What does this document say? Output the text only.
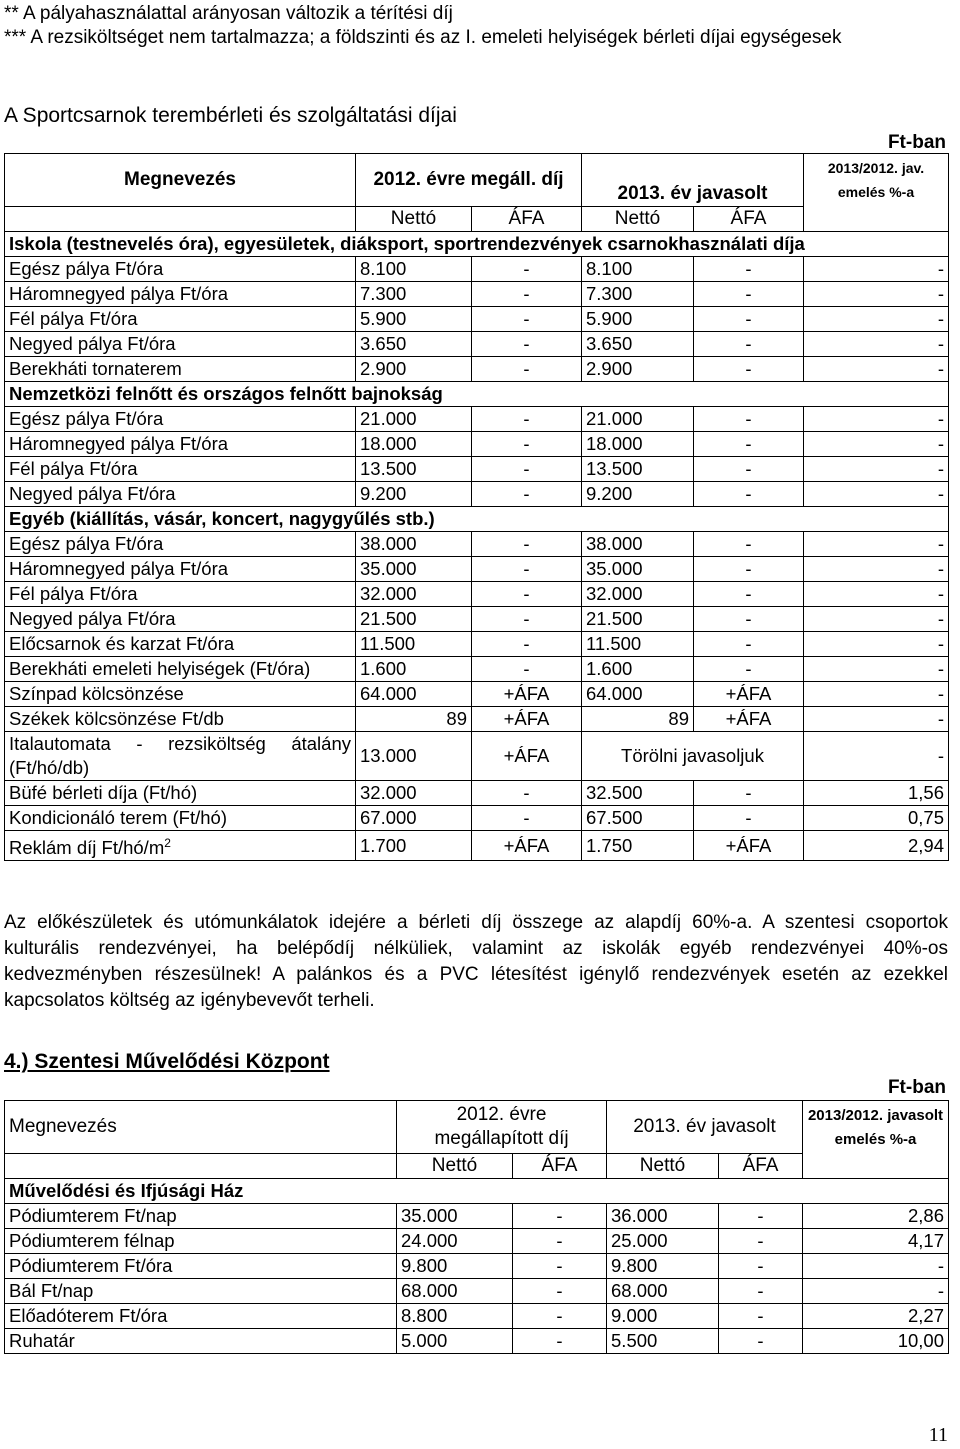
** A pályahasználattal arányosan változik a térítési díj
*** A rezsiköltséget nem tartalmazza; a földszinti és az I. emeleti helyiségek bérleti díjai egységesek
A Sportcsarnok terembérleti és szolgáltatási díjai
Ft-ban
Megnevezés	2012. évre megáll. díj		2013. év javasolt		2013/2012. jav. emelés %-a

	Nettó	ÁFA	Nettó	ÁFA	
Iskola (testnevelés óra), egyesületek, diáksport, sportrendezvények csarnokhasználati díja					
Egész pálya Ft/óra	8.100	-	8.100	-	-
Háromnegyed pálya Ft/óra	7.300	-	7.300	-	-
Fél pálya Ft/óra	5.900	-	5.900	-	-
Negyed pálya Ft/óra	3.650	-	3.650	-	-
Berekháti tornaterem	2.900	-	2.900	-	-
Nemzetközi felnőtt és országos felnőtt bajnokság					
Egész pálya Ft/óra	21.000	-	21.000	-	-
Háromnegyed pálya Ft/óra	18.000	-	18.000	-	-
Fél pálya Ft/óra	13.500	-	13.500	-	-
Negyed pálya Ft/óra	9.200	-	9.200	-	-
Egyéb (kiállítás, vásár, koncert, nagygyűlés stb.)					
Egész pálya Ft/óra	38.000	-	38.000	-	-
Háromnegyed pálya Ft/óra	35.000	-	35.000	-	-
Fél pálya Ft/óra	32.000	-	32.000	-	-
Negyed pálya Ft/óra	21.500	-	21.500	-	-
Előcsarnok és karzat Ft/óra	11.500	-	11.500	-	-
Berekháti emeleti helyiségek (Ft/óra)	1.600	-	1.600	-	-
Színpad kölcsönzése	64.000	+ÁFA	64.000	+ÁFA	-
Székek kölcsönzése Ft/db	89	+ÁFA	89	+ÁFA	-
Italautomata - rezsiköltség átalány (Ft/hó/db)	13.000	+ÁFA	Törölni javasoljuk		-
Büfé bérleti díja (Ft/hó)	32.000	-	32.500	-	1,56
Kondicionáló terem (Ft/hó)	67.000	-	67.500	-	0,75
Reklám díj $Ft/hó/m^2$	1.700	+ÁFA	1.750	+ÁFA	2,94
Az előkészületek és utómunkálatok idejére a bérleti díj összege az alapdíj 60%-a. A szentesi csoportok kulturális rendezvényei, ha belépődíj nélküliek, valamint az iskolák egyéb rendezvényei 40%-os kedvezményben részesülnek! A palánkos és a PVC létesítést igénylő rendezvények esetén az ezekkel kapcsolatos költség az igénybevevőt terheli.
4.) Szentesi Művelődési Központ
Ft-ban
Megnevezés	2012. évre megállapított díj		2013. év javasolt		2013/2012. javasolt emelés %-a

	Nettó	ÁFA	Nettó	ÁFA	
Művelődési és Ifjúsági Ház					
Pódiumterem Ft/nap	35.000	-	36.000	-	2,86
Pódiumterem félnap	24.000	-	25.000	-	4,17
Pódiumterem Ft/óra	9.800	-	9.800	-	-
Bál Ft/nap	68.000	-	68.000	-	-
Előadóterem Ft/óra	8.800	-	9.000	-	2,27
Ruhatár	5.000	-	5.500	-	10,00
11
